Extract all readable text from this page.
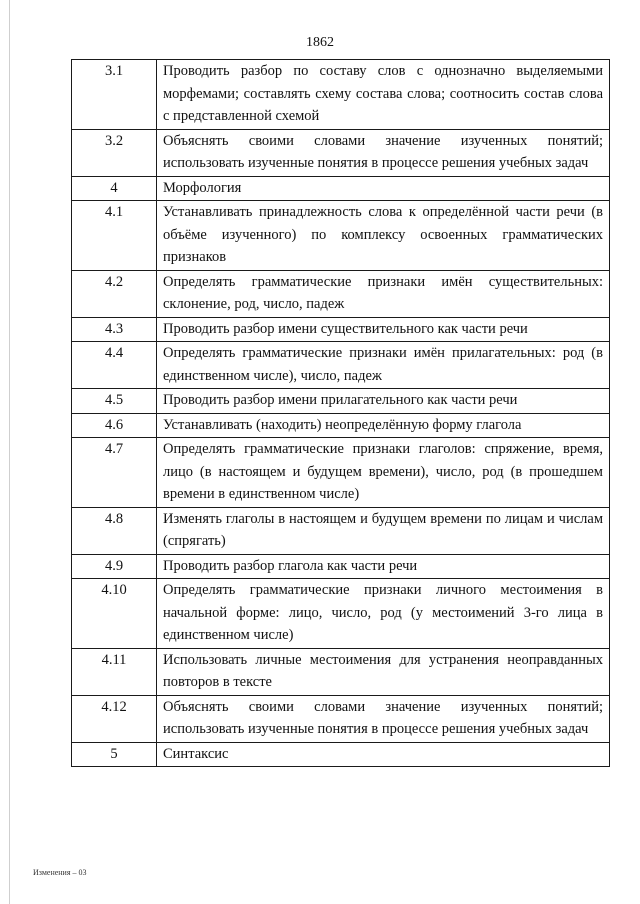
1862
3.1	Проводить разбор по составу слов с однозначно выделяемыми морфемами; составлять схему состава слова; соотносить состав слова с представленной схемой
3.2	Объяснять своими словами значение изученных понятий; использовать изученные понятия в процессе решения учебных задач
4	Морфология
4.1	Устанавливать принадлежность слова к определённой части речи (в объёме изученного) по комплексу освоенных грамматических признаков
4.2	Определять грамматические признаки имён существительных: склонение, род, число, падеж
4.3	Проводить разбор имени существительного как части речи
4.4	Определять грамматические признаки имён прилагательных: род (в единственном числе), число, падеж
4.5	Проводить разбор имени прилагательного как части речи
4.6	Устанавливать (находить) неопределённую форму глагола
4.7	Определять грамматические признаки глаголов: спряжение, время, лицо (в настоящем и будущем времени), число, род (в прошедшем времени в единственном числе)
4.8	Изменять глаголы в настоящем и будущем времени по лицам и числам (спрягать)
4.9	Проводить разбор глагола как части речи
4.10	Определять грамматические признаки личного местоимения в начальной форме: лицо, число, род (у местоимений 3-го лица в единственном числе)
4.11	Использовать личные местоимения для устранения неоправданных повторов в тексте
4.12	Объяснять своими словами значение изученных понятий; использовать изученные понятия в процессе решения учебных задач
5	Синтаксис
Изменения – 03
